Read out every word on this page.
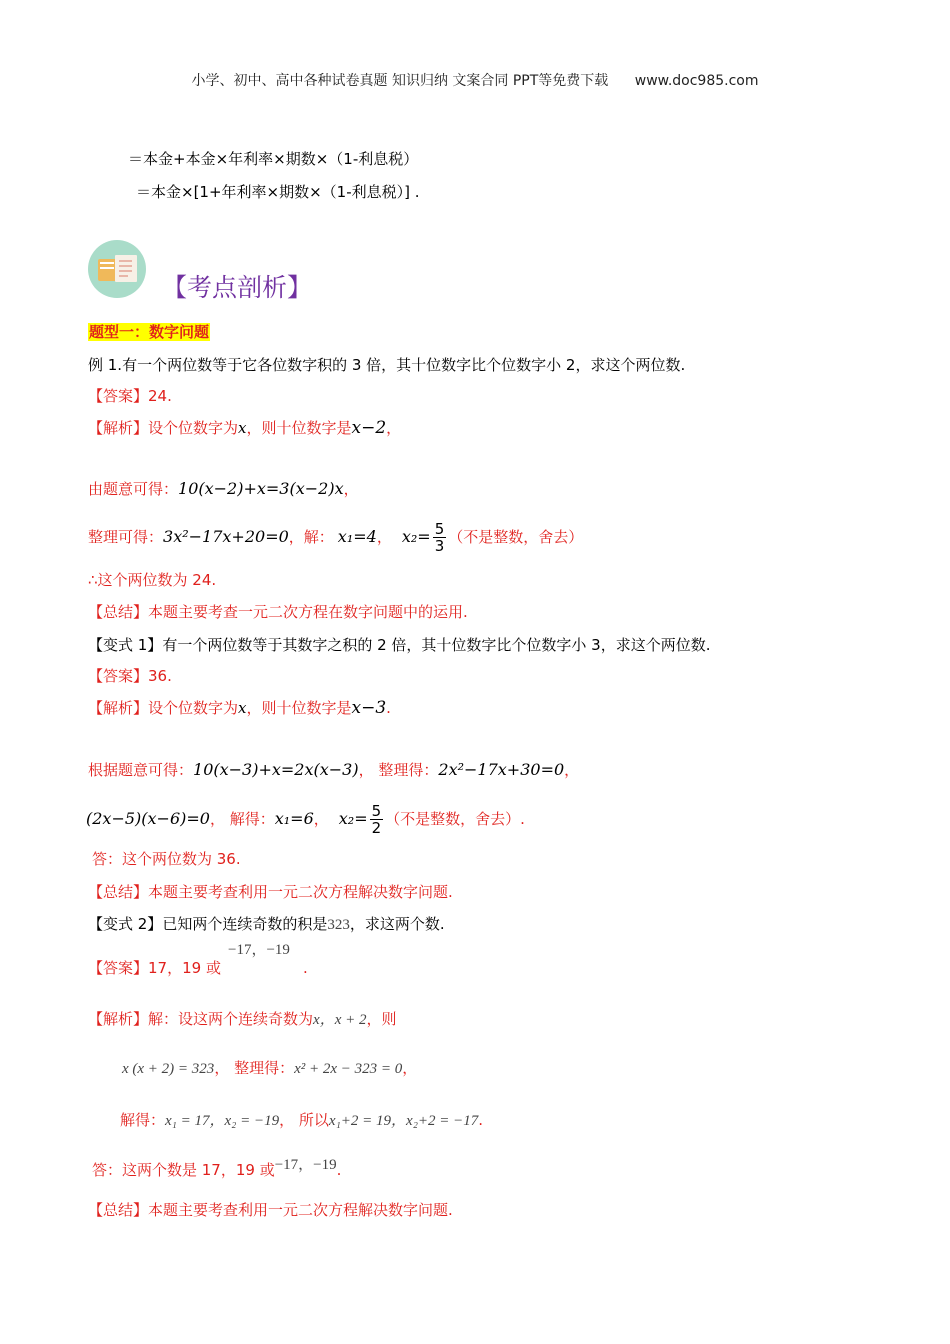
小学、初中、高中各种试卷真题 知识归纳 文案合同 PPT等免费下载 www.doc985.com
＝本金+本金×年利率×期数×（1-利息税）
＝本金×[1+年利率×期数×（1-利息税）] .
【考点剖析】
题型一：数字问题
例 1.有一个两位数等于它各位数字积的 3 倍，其十位数字比个位数字小 2，求这个两位数.
【答案】24.
【解析】设个位数字为x，则十位数字是x−2，
由题意可得：10(x−2)+x=3(x−2)x，
整理可得：3x²−17x+20=0，解： x₁=4， $x_2= \frac{5}{3}$ （不是整数，舍去）
∴这个两位数为 24.
【总结】本题主要考查一元二次方程在数字问题中的运用.
【变式 1】有一个两位数等于其数字之积的 2 倍，其十位数字比个位数字小 3，求这个两位数.
【答案】36.
【解析】设个位数字为x，则十位数字是x−3.
根据题意可得：10(x−3)+x=2x(x−3)， 整理得：2x²−17x+30=0，
(2x−5)(x−6)=0， 解得：x₁=6， $x_2= \frac{5}{2}$ （不是整数，舍去）.
答：这个两位数为 36.
【总结】本题主要考查利用一元二次方程解决数字问题.
【变式 2】已知两个连续奇数的积是323，求这两个数.
−17，−19
【答案】17，19 或	.
【解析】解：设这两个连续奇数为x，x + 2，则
x (x + 2) = 323， 整理得：x² + 2x − 323 = 0，
解得：x₁ = 17，x₂ = −19， 所以x₁+2 = 19，x₂+2 = −17.
答：这两个数是 17，19 或−17，−19.
【总结】本题主要考查利用一元二次方程解决数字问题.
